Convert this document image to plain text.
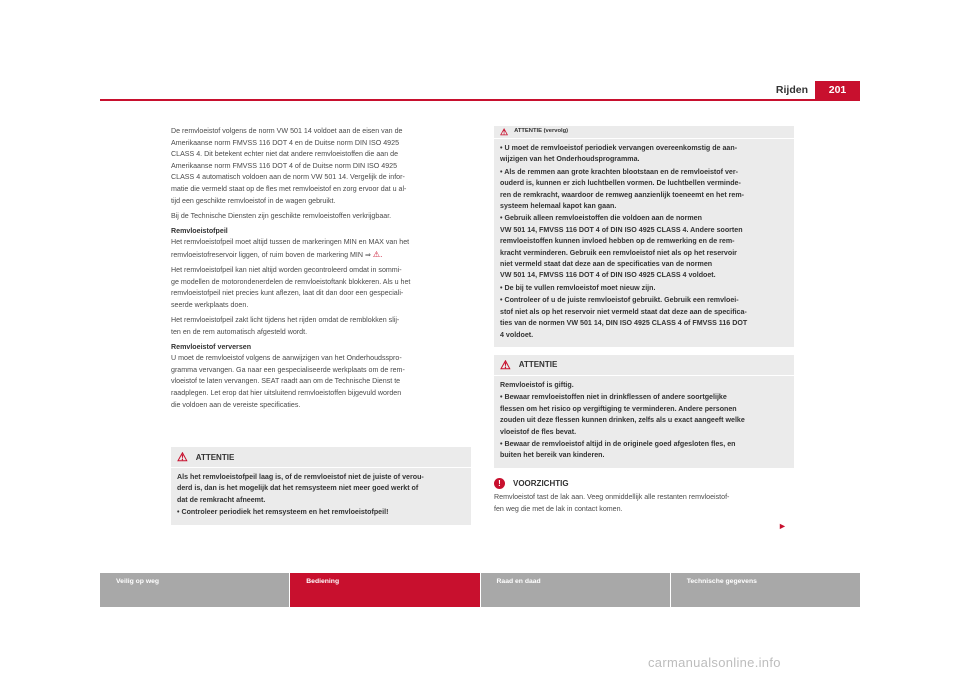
Rijden	201

De remvloeistof volgens de norm VW 501 14 voldoet aan de eisen van de
Amerikaanse norm FMVSS 116 DOT 4 en de Duitse norm DIN ISO 4925
CLASS 4. Dit betekent echter niet dat andere remvloeistoffen die aan de
Amerikaanse norm FMVSS 116 DOT 4 of de Duitse norm DIN ISO 4925
CLASS 4 automatisch voldoen aan de norm VW 501 14. Vergelijk de infor-
matie die vermeld staat op de fles met remvloeistof en zorg ervoor dat u al-
tijd een geschikte remvloeistof in de wagen gebruikt.

Bij de Technische Diensten zijn geschikte remvloeistoffen verkrijgbaar.

Remvloeistofpeil

Het remvloeistofpeil moet altijd tussen de markeringen MIN en MAX van het
remvloeistofreservoir liggen, of ruim boven de markering MIN ⇒ ⚠.

Het remvloeistofpeil kan niet altijd worden gecontroleerd omdat in sommi-
ge modellen de motorondenerdelen de remvloeistoftank blokkeren. Als u het
remvloeistofpeil niet precies kunt aflezen, laat dit dan door een gespeciali-
seerde werkplaats doen.

Het remvloeistofpeil zakt licht tijdens het rijden omdat de remblokken slij-
ten en de rem automatisch afgesteld wordt.

Remvloeistof verversen

U moet de remvloeistof volgens de aanwijzigen van het Onderhoudsspro-
gramma vervangen. Ga naar een gespecialiseerde werkplaats om de rem-
vloeistof te laten vervangen. SEAT raadt aan om de Technische Dienst te
raadplegen. Let erop dat hier uitsluitend remvloeistoffen bijgevuld worden
die voldoen aan de vereiste specificaties.

⚠ ATTENTIE

Als het remvloeistofpeil laag is, of de remvloeistof niet de juiste of verou-
derd is, dan is het mogelijk dat het remsysteem niet meer goed werkt of
dat de remkracht afneemt.

• Controleer periodiek het remsysteem en het remvloeistofpeil!

⚠ ATTENTIE (vervolg)

• U moet de remvloeistof periodiek vervangen overeenkomstig de aan-
wijzigen van het Onderhoudsprogramma.

• Als de remmen aan grote krachten blootstaan en de remvloeistof ver-
ouderd is, kunnen er zich luchtbellen vormen. De luchtbellen verminde-
ren de remkracht, waardoor de remweg aanzienlijk toeneemt en het rem-
systeem helemaal kapot kan gaan.

• Gebruik alleen remvloeistoffen die voldoen aan de normen
VW 501 14, FMVSS 116 DOT 4 of DIN ISO 4925 CLASS 4. Andere soorten
remvloeistoffen kunnen invloed hebben op de remwerking en de rem-
kracht verminderen. Gebruik een remvloeistof niet als op het reservoir
niet vermeld staat dat deze aan de specificaties van de normen
VW 501 14, FMVSS 116 DOT 4 of DIN ISO 4925 CLASS 4 voldoet.

• De bij te vullen remvloeistof moet nieuw zijn.

• Controleer of u de juiste remvloeistof gebruikt. Gebruik een remvloei-
stof niet als op het reservoir niet vermeld staat dat deze aan de specifica-
ties van de normen VW 501 14, DIN ISO 4925 CLASS 4 of FMVSS 116 DOT
4 voldoet.

⚠ ATTENTIE

Remvloeistof is giftig.

• Bewaar remvloeistoffen niet in drinkflessen of andere soortgelijke
flessen om het risico op vergiftiging te verminderen. Andere personen
zouden uit deze flessen kunnen drinken, zelfs als u exact aangeeft welke
vloeistof de fles bevat.

• Bewaar de remvloeistof altijd in de originele goed afgesloten fles, en
buiten het bereik van kinderen.

!	VOORZICHTIG
Remvloeistof tast de lak aan. Veeg onmiddellijk alle restanten remvloeistof-
fen weg die met de lak in contact komen.
►
Veilig op weg	Bediening	Raad en daad	Technische gegevens
carmanualsonline.info
